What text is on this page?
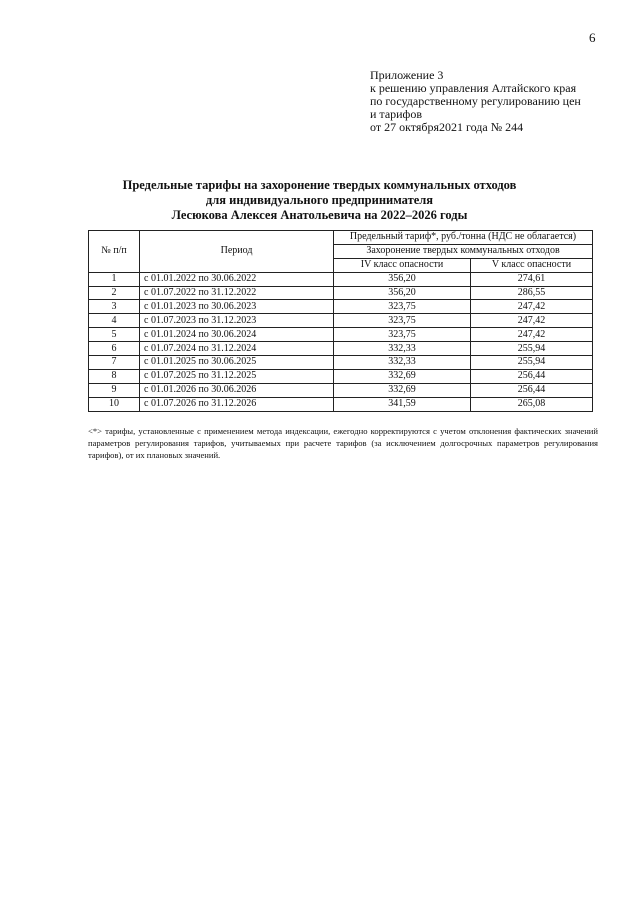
6
Приложение 3
к решению управления Алтайского края
по государственному регулированию цен
и тарифов
от 27 октября2021 года № 244
Предельные тарифы на захоронение твердых коммунальных отходов
для индивидуального предпринимателя
Лесюкова Алексея Анатольевича на 2022–2026 годы
№ п/п	Период	Предельный тариф*, руб./тонна (НДС не облагается)	
		Захоронение твердых коммунальных отходов	
		IV класс опасности	V класс опасности
1	с 01.01.2022 по 30.06.2022	356,20	274,61
2	с 01.07.2022 по 31.12.2022	356,20	286,55
3	с 01.01.2023 по 30.06.2023	323,75	247,42
4	с 01.07.2023 по 31.12.2023	323,75	247,42
5	с 01.01.2024 по 30.06.2024	323,75	247,42
6	с 01.07.2024 по 31.12.2024	332,33	255,94
7	с 01.01.2025 по 30.06.2025	332,33	255,94
8	с 01.07.2025 по 31.12.2025	332,69	256,44
9	с 01.01.2026 по 30.06.2026	332,69	256,44
10	с 01.07.2026 по 31.12.2026	341,59	265,08
<*> тарифы, установленные с применением метода индексации, ежегодно корректируются с учетом отклонения фактических значений параметров регулирования тарифов, учитываемых при расчете тарифов (за исключением долгосрочных параметров регулирования тарифов), от их плановых значений.
